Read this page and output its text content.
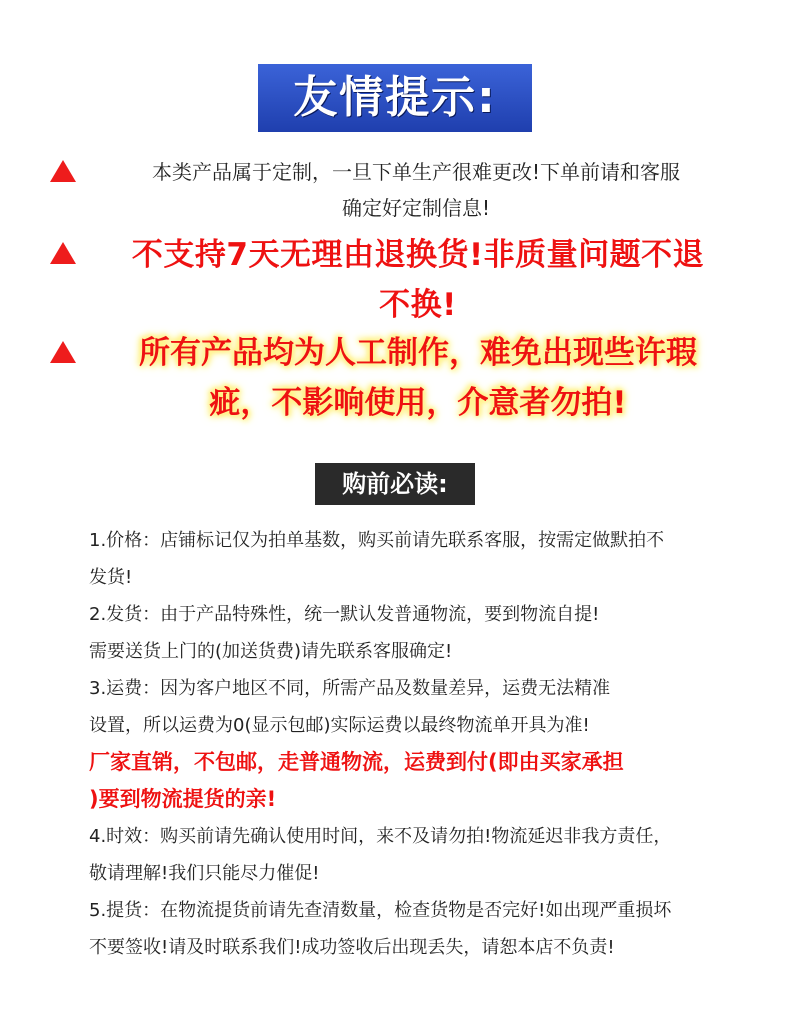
友情提示:
本类产品属于定制，一旦下单生产很难更改!下单前请和客服
确定好定制信息!
不支持7天无理由退换货!非质量问题不退
不换!
所有产品均为人工制作，难免出现些许瑕
疵，不影响使用，介意者勿拍!
购前必读:
1.价格：店铺标记仅为拍单基数，购买前请先联系客服，按需定做默拍不
发货!
2.发货：由于产品特殊性，统一默认发普通物流，要到物流自提!
需要送货上门的(加送货费)请先联系客服确定!
3.运费：因为客户地区不同，所需产品及数量差异，运费无法精准
设置，所以运费为0(显示包邮)实际运费以最终物流单开具为准!
厂家直销，不包邮，走普通物流，运费到付(即由买家承担
)要到物流提货的亲!
4.时效：购买前请先确认使用时间，来不及请勿拍!物流延迟非我方责任，
敬请理解!我们只能尽力催促!
5.提货：在物流提货前请先查清数量，检查货物是否完好!如出现严重损坏
不要签收!请及时联系我们!成功签收后出现丢失，请恕本店不负责!
